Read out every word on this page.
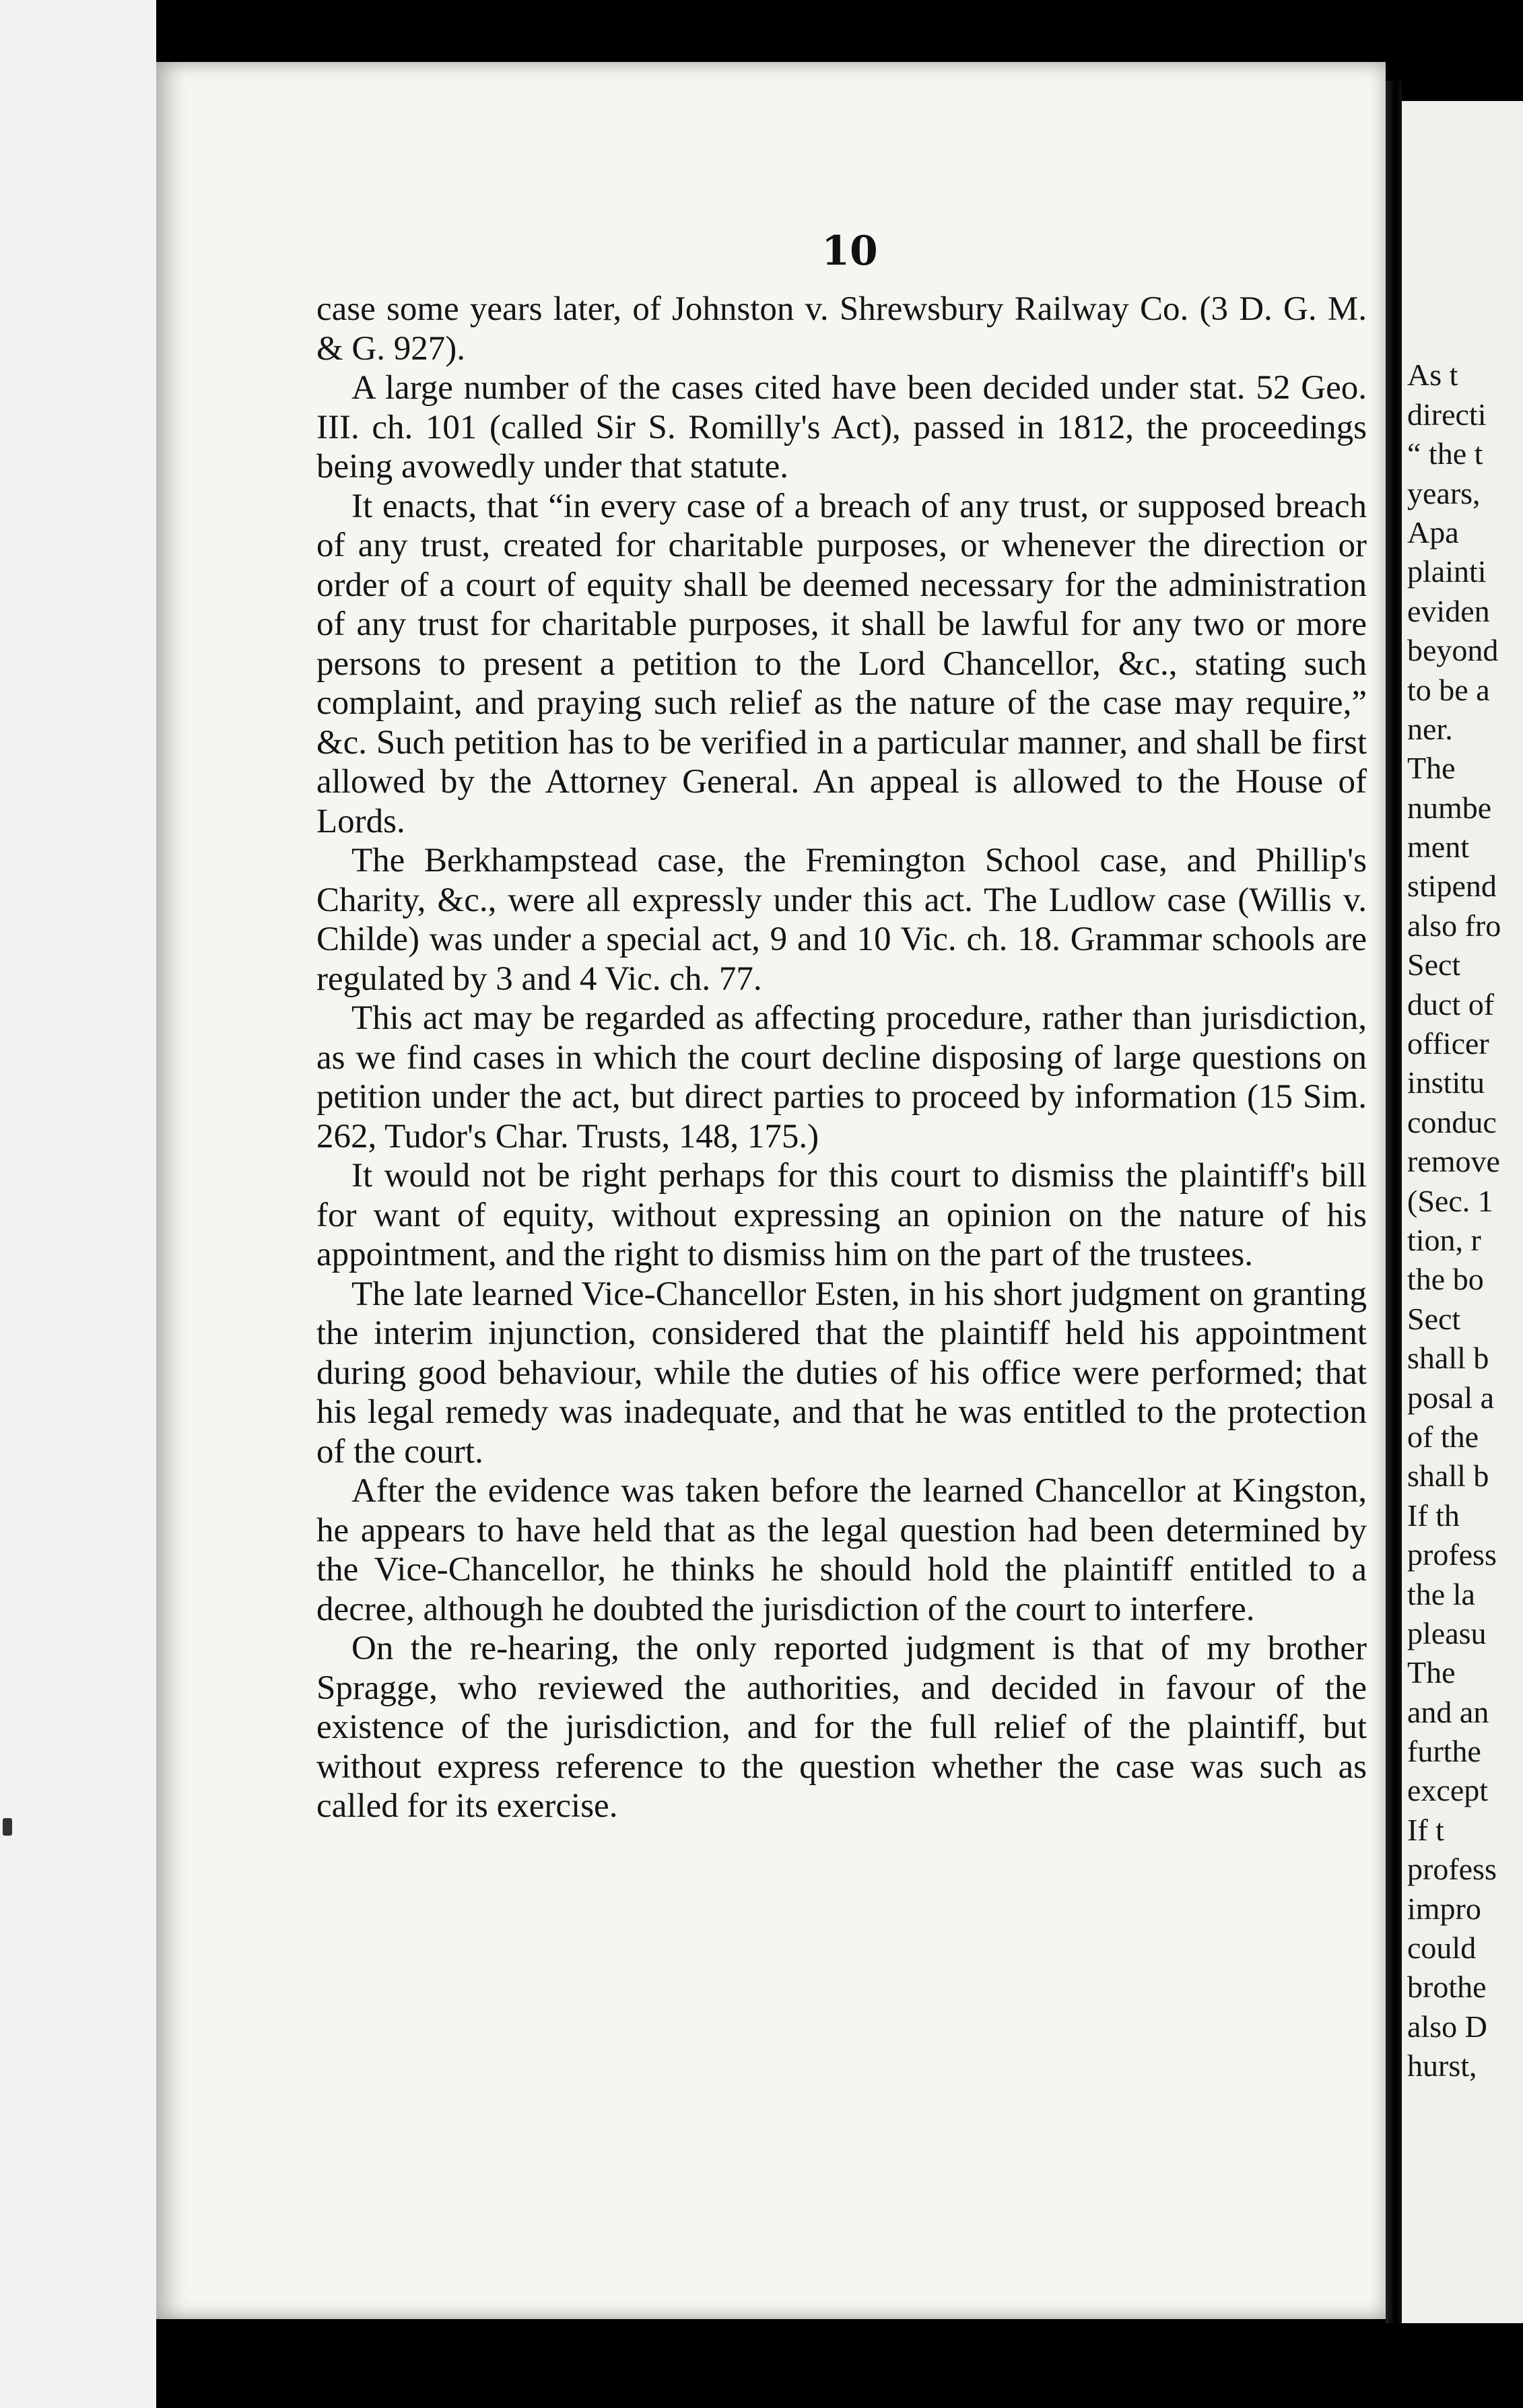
10

case some years later, of Johnston v. Shrewsbury Railway Co. (3 D. G. M. & G. 927).

A large number of the cases cited have been decided under stat. 52 Geo. III. ch. 101 (called Sir S. Romilly's Act), passed in 1812, the proceedings being avowedly under that statute.

It enacts, that “in every case of a breach of any trust, or supposed breach of any trust, created for charitable purposes, or whenever the direction or order of a court of equity shall be deemed necessary for the administration of any trust for charitable purposes, it shall be lawful for any two or more persons to present a petition to the Lord Chancellor, &c., stating such complaint, and praying such relief as the nature of the case may require,” &c. Such petition has to be verified in a particular manner, and shall be first allowed by the Attorney General. An appeal is allowed to the House of Lords.

The Berkhampstead case, the Fremington School case, and Phillip's Charity, &c., were all expressly under this act. The Ludlow case (Willis v. Childe) was under a special act, 9 and 10 Vic. ch. 18. Grammar schools are regulated by 3 and 4 Vic. ch. 77.

This act may be regarded as affecting procedure, rather than jurisdiction, as we find cases in which the court decline disposing of large questions on petition under the act, but direct parties to proceed by information (15 Sim. 262, Tudor's Char. Trusts, 148, 175.)

It would not be right perhaps for this court to dismiss the plaintiff's bill for want of equity, without expressing an opinion on the nature of his appointment, and the right to dismiss him on the part of the trustees.

The late learned Vice-Chancellor Esten, in his short judgment on granting the interim injunction, considered that the plaintiff held his appointment during good behaviour, while the duties of his office were performed; that his legal remedy was inadequate, and that he was entitled to the protection of the court.

After the evidence was taken before the learned Chancellor at Kingston, he appears to have held that as the legal question had been determined by the Vice-Chancellor, he thinks he should hold the plaintiff entitled to a decree, although he doubted the jurisdiction of the court to interfere.

On the re-hearing, the only reported judgment is that of my brother Spragge, who reviewed the authorities, and decided in favour of the existence of the jurisdiction, and for the full relief of the plaintiff, but without express reference to the question whether the case was such as called for its exercise.

As t
directi
“ the t
years,
Apa
plainti
eviden
beyond
to be a
ner.
The
numbe
ment
stipend
also fro
Sect
duct of
officer
institu
conduc
remove
(Sec. 1
tion, r
the bo
Sect
shall b
posal a
of the
shall b
If th
profess
the la
pleasu
The
and an
furthe
except
If t
profess
impro
could
brothe
also D
hurst,
